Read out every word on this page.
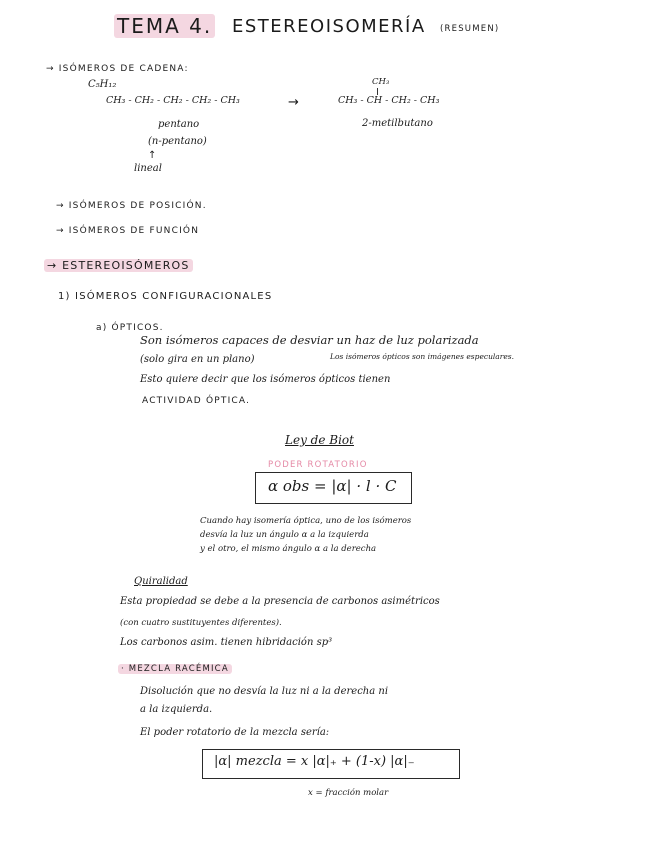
TEMA 4. ESTEREOISOMERÍA (RESUMEN)
→ ISÓMEROS DE CADENA:
C₅H₁₂
CH₃ - CH₂ - CH₂ - CH₂ - CH₃	→
CH₃
CH₃ - CH - CH₂ - CH₃
pentano
(n-pentano)
↑
lineal
2-metilbutano
→ ISÓMEROS DE POSICIÓN.
→ ISÓMEROS DE FUNCIÓN
→ ESTEREOISÓMEROS
1) ISÓMEROS CONFIGURACIONALES
a) ÓPTICOS.
Son isómeros capaces de desviar un haz de luz polarizada
(solo gira en un plano)	Los isómeros ópticos son imágenes especulares.
Esto quiere decir que los isómeros ópticos tienen
ACTIVIDAD ÓPTICA.
Ley de Biot
PODER ROTATORIO
α obs = |α| · l · C
Cuando hay isomería óptica, uno de los isómeros
desvía la luz un ángulo α a la izquierda
y el otro, el mismo ángulo α a la derecha
Quiralidad
Esta propiedad se debe a la presencia de carbonos asimétricos
(con cuatro sustituyentes diferentes).
Los carbonos asim. tienen hibridación sp³
· MEZCLA RACÉMICA
Disolución que no desvía la luz ni a la derecha ni
a la izquierda.
El poder rotatorio de la mezcla sería:
|α| mezcla = x |α|₊ + (1-x) |α|₋
x = fracción molar
